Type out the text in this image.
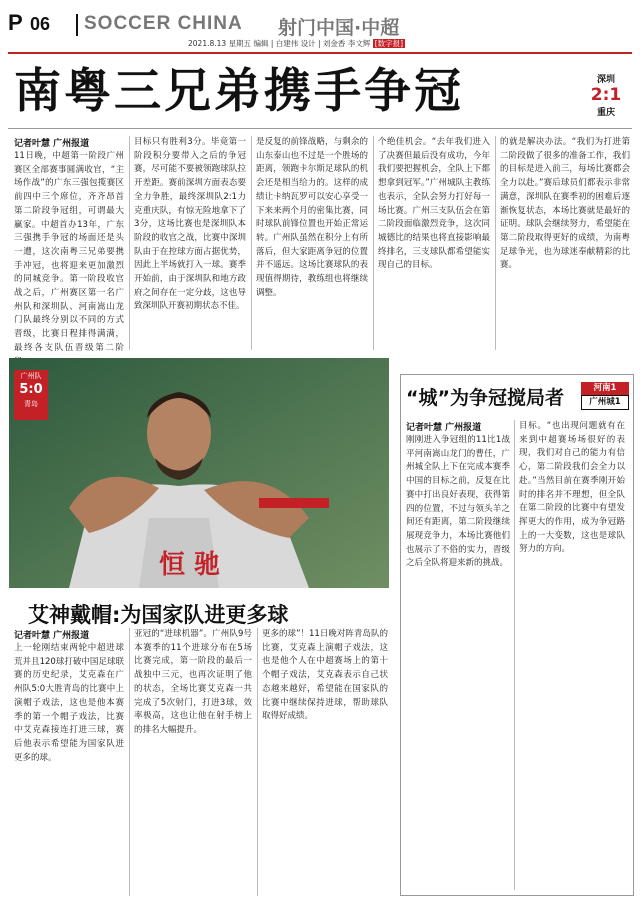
P 06 SOCCER CHINA 射门中国·中超
2021.8.13 星期五 编辑 | 白建伟 设计 | 刘金香 李文辉 [数字报]
南粤三兄弟携手争冠	深圳
2:1
重庆
记者叶慧 广州报道
11日晚，中超第一阶段广州赛区全部赛事圆满收官，“主场作战”的广东三强包揽赛区前四中三个席位，齐齐昂首第二阶段争冠组，可谓最大赢家。中超首办13年，广东三强携手争冠的场面还是头一遭，这次南粤三兄弟要携手冲冠，也将迎来更加激烈的同城竞争。第一阶段收官战之后，广州赛区第一名广州队和深圳队、河南嵩山龙门队最终分别以不同的方式晋级，比赛日程排得满满，最终各支队伍晋级第二阶
目标只有胜利3分。毕竟第一阶段积分要带入之后的争冠赛，尽可能不要被领跑球队拉开差距。赛前深圳方面表态要全力争胜，最终深圳队2:1力克重庆队，有惊无险地拿下了3分，这场比赛也是深圳队本阶段的收官之战，比赛中深圳队由于在控球方面占据优势，因此上半场就打入一球。赛季开始前，由于深圳队和地方政府之间存在一定分歧，这也导致深圳队开赛初期状态不佳。
是反复的前锋战略，与剩余的山东泰山也不过是一个胜场的距离，领跑卡尔斯足球队的机会还是相当给力的。这样的成绩让卡纳瓦罗可以安心享受一下来来两个月的密集比赛，同时球队前锋位置也开始正常运转。广州队虽然在积分上有所落后，但大家距离争冠的位置并不遥远。这场比赛球队的表现值得期待，教练组也将继续调整。
个绝佳机会。“去年我们进入了决赛但最后没有成功，今年我们要把握机会，全队上下都想拿到冠军。”广州城队主教练也表示，全队会努力打好每一场比赛。广州三支队伍会在第二阶段面临激烈竞争，这次同城德比的结果也将直接影响最终排名，三支球队都希望能实现自己的目标。
的就是解决办法。“我们为打进第二阶段做了很多的准备工作，我们的目标是进入前三，每场比赛都会全力以赴。”赛后球员们都表示非常满意，深圳队在赛季初的困难后逐渐恢复状态，本场比赛就是最好的证明。球队会继续努力，希望能在第二阶段取得更好的成绩，为南粤足球争光，也为球迷奉献精彩的比赛。
恒 驰
广州队
5:0
青岛
艾神戴帽:为国家队进更多球
记者叶慧 广州报道
上一轮刚结束两轮中超进球荒并且120球打破中国足球联赛的历史纪录，艾克森在广州队5:0大胜青岛的比赛中上演帽子戏法，这也是他本赛季的第一个帽子戏法，比赛中艾克森接连打进三球，赛后他表示希望能为国家队进更多的球。
亚冠的“进球机器”。广州队9号本赛季的11个进球分布在5场比赛完成，第一阶段的最后一战独中三元，也再次证明了他的状态，全场比赛艾克森一共完成了5次射门，打进3球，效率极高，这也让他在射手榜上的排名大幅提升。
更多的球”！11日晚对阵青岛队的比赛，艾克森上演帽子戏法，这也是他个人在中超赛场上的第十个帽子戏法，艾克森表示自己状态越来越好，希望能在国家队的比赛中继续保持进球，帮助球队取得好成绩。
“城”为争冠搅局者	河南1
广州城1
记者叶慧 广州报道
刚刚进入争冠组的11比1战平河南嵩山龙门的曹任，广州城全队上下在完成本赛季中国的目标之前，反复在比赛中打出良好表现，获得第四的位置，不过与领头羊之间还有距离，第二阶段继续展现竞争力，本场比赛他们也展示了不俗的实力，晋级之后全队将迎来新的挑战。
目标。“也出现问题就有在来到中超赛场场很好的表现，我们对自己的能力有信心，第二阶段我们会全力以赴。”当然目前在赛季刚开始时的排名并不理想，但全队在第二阶段的比赛中有望发挥更大的作用，成为争冠路上的一大变数，这也是球队努力的方向。
